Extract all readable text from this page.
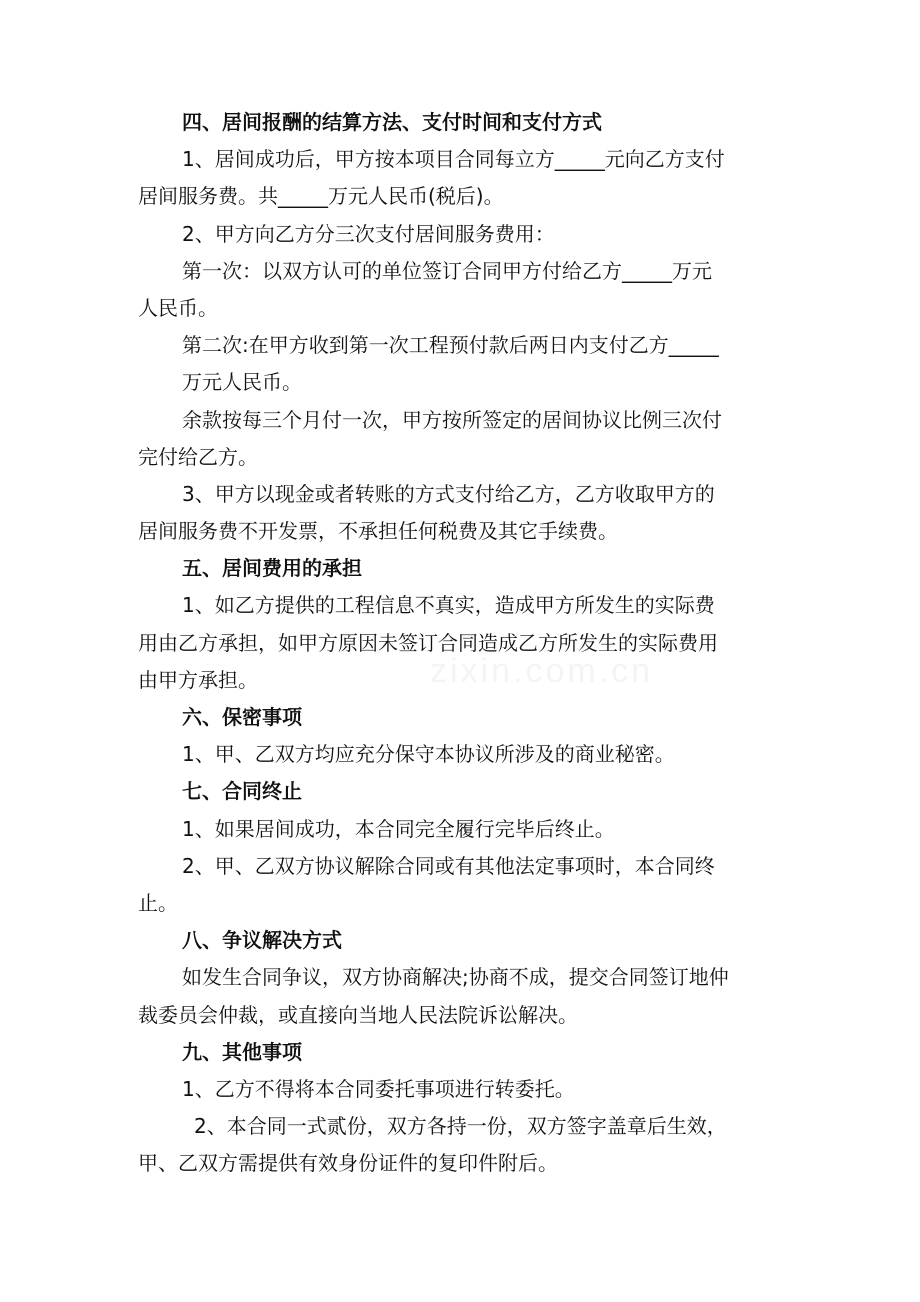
zixin.com.cn
四、居间报酬的结算方法、支付时间和支付方式
1、居间成功后，甲方按本项目合同每立方_____元向乙方支付
居间服务费。共_____万元人民币(税后)。
2、甲方向乙方分三次支付居间服务费用：
第一次：以双方认可的单位签订合同甲方付给乙方_____万元
人民币。
第二次:在甲方收到第一次工程预付款后两日内支付乙方_____
万元人民币。
余款按每三个月付一次，甲方按所签定的居间协议比例三次付
完付给乙方。
3、甲方以现金或者转账的方式支付给乙方，乙方收取甲方的
居间服务费不开发票，不承担任何税费及其它手续费。
五、居间费用的承担
1、如乙方提供的工程信息不真实，造成甲方所发生的实际费
用由乙方承担，如甲方原因未签订合同造成乙方所发生的实际费用
由甲方承担。
六、保密事项
1、甲、乙双方均应充分保守本协议所涉及的商业秘密。
七、合同终止
1、如果居间成功，本合同完全履行完毕后终止。
2、甲、乙双方协议解除合同或有其他法定事项时，本合同终
止。
八、争议解决方式
如发生合同争议，双方协商解决;协商不成，提交合同签订地仲
裁委员会仲裁，或直接向当地人民法院诉讼解决。
九、其他事项
1、乙方不得将本合同委托事项进行转委托。
2、本合同一式贰份，双方各持一份，双方签字盖章后生效，
甲、乙双方需提供有效身份证件的复印件附后。
